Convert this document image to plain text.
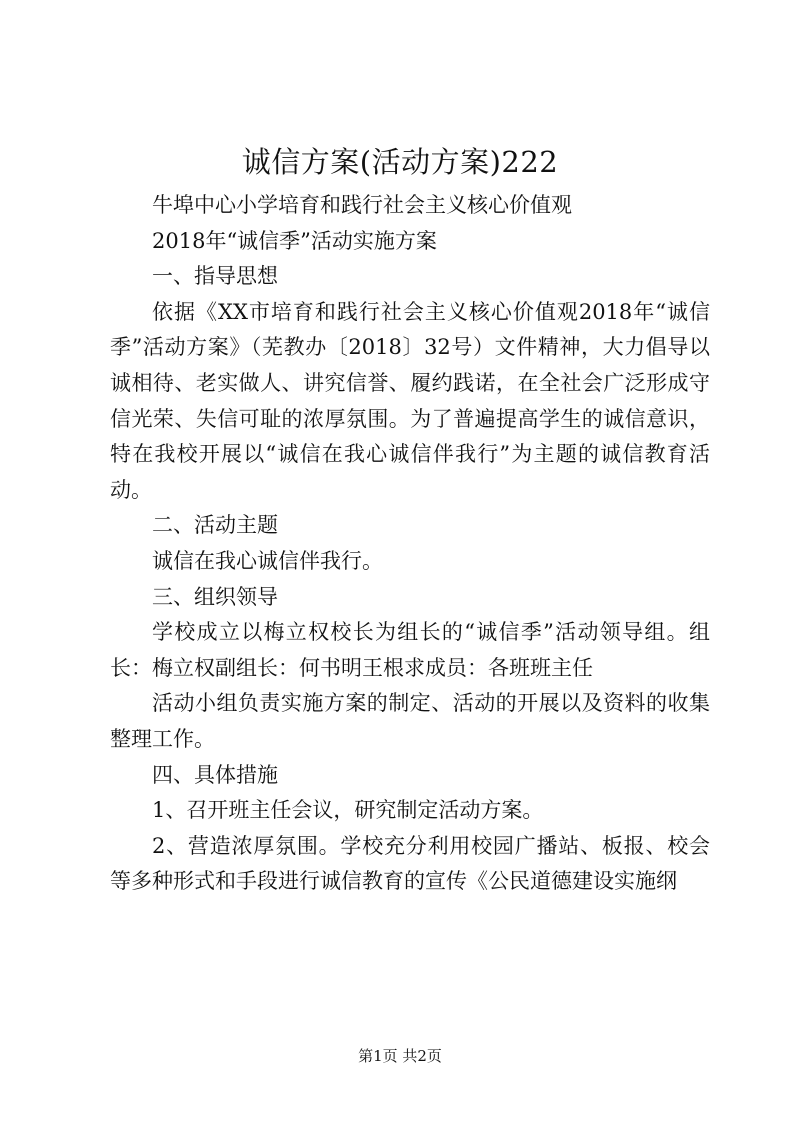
诚信方案(活动方案)222

牛埠中心小学培育和践行社会主义核心价值观

2018年“诚信季”活动实施方案

一、指导思想

依据《XX市培育和践行社会主义核心价值观2018年“诚信季”活动方案》（芜教办〔2018〕32号）文件精神，大力倡导以诚相待、老实做人、讲究信誉、履约践诺，在全社会广泛形成守信光荣、失信可耻的浓厚氛围。为了普遍提高学生的诚信意识，特在我校开展以“诚信在我心诚信伴我行”为主题的诚信教育活动。

二、活动主题

诚信在我心诚信伴我行。

三、组织领导

学校成立以梅立权校长为组长的“诚信季”活动领导组。组长：梅立权副组长：何书明王根求成员：各班班主任

活动小组负责实施方案的制定、活动的开展以及资料的收集整理工作。

四、具体措施

1、召开班主任会议，研究制定活动方案。

2、营造浓厚氛围。学校充分利用校园广播站、板报、校会等多种形式和手段进行诚信教育的宣传《公民道德建设实施纲

第1页 共2页
